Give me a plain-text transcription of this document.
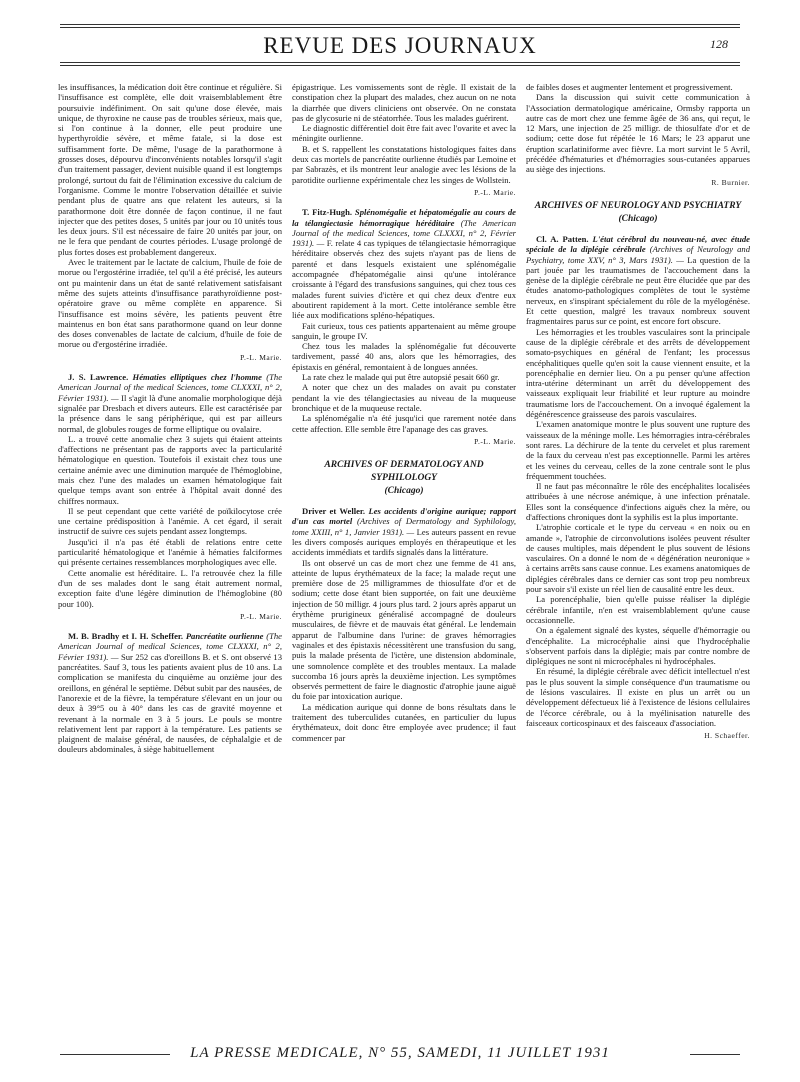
REVUE DES JOURNAUX	128

les insuffisances, la médication doit être continue et régulière. Si l'insuffisance est complète, elle doit vraisemblablement être poursuivie indéfiniment. On sait qu'une dose élevée, mais unique, de thyroxine ne cause pas de troubles sérieux, mais que, si l'on continue à la donner, elle peut produire une hyperthyroïdie sévère, et même fatale, si la dose est suffisamment forte. De même, l'usage de la parathormone à grosses doses, dépourvu d'inconvénients notables lorsqu'il s'agit d'un traitement passager, devient nuisible quand il est longtemps prolongé, surtout du fait de l'élimination excessive du calcium de l'organisme. Comme le montre l'observation détaillée et suivie pendant plus de quatre ans que relatent les auteurs, si la parathormone doit être donnée de façon continue, il ne faut injecter que des petites doses, 5 unités par jour ou 10 unités tous les deux jours. S'il est nécessaire de faire 20 unités par jour, on ne le fera que pendant de courtes périodes. L'usage prolongé de plus fortes doses est probablement dangereux.

Avec le traitement par le lactate de calcium, l'huile de foie de morue ou l'ergostérine irradiée, tel qu'il a été précisé, les auteurs ont pu maintenir dans un état de santé relativement satisfaisant même des sujets atteints d'insuffisance parathyroïdienne post-opératoire grave ou même complète en apparence. Si l'insuffisance est moins sévère, les patients peuvent être maintenus en bon état sans parathormone quand on leur donne des doses convenables de lactate de calcium, d'huile de foie de morue ou d'ergostérine irradiée.

P.-L. Marie.

J. S. Lawrence. Hématies elliptiques chez l'homme (The American Journal of the medical Sciences, tome CLXXXI, n° 2, Février 1931). — Il s'agit là d'une anomalie morphologique déjà signalée par Dresbach et divers auteurs. Elle est caractérisée par la présence dans le sang périphérique, qui est par ailleurs normal, de globules rouges de forme elliptique ou ovalaire.

L. a trouvé cette anomalie chez 3 sujets qui étaient atteints d'affections ne présentant pas de rapports avec la particularité hématologique en question. Toutefois il existait chez tous une certaine anémie avec une diminution marquée de l'hémoglobine, mais chez l'une des malades un examen hématologique fait quelque temps avant son entrée à l'hôpital avait donné des chiffres normaux.

Il se peut cependant que cette variété de poïkilocytose crée une certaine prédisposition à l'anémie. A cet égard, il serait instructif de suivre ces sujets pendant assez longtemps.

Jusqu'ici il n'a pas été établi de relations entre cette particularité hématologique et l'anémie à hématies falciformes qui présente certaines ressemblances morphologiques avec elle.

Cette anomalie est héréditaire. L. l'a retrouvée chez la fille d'un de ses malades dont le sang était autrement normal, exception faite d'une légère diminution de l'hémoglobine (80 pour 100).

P.-L. Marie.

M. B. Bradhy et I. H. Scheffer. Pancréatite ourlienne (The American Journal of medical Sciences, tome CLXXXI, n° 2, Février 1931). — Sur 252 cas d'oreillons B. et S. ont observé 13 pancréatites. Sauf 3, tous les patients avaient plus de 10 ans. La complication se manifesta du cinquième au onzième jour des oreillons, en général le septième. Début subit par des nausées, de l'anorexie et de la fièvre, la température s'élevant en un jour ou deux à 39°5 ou à 40° dans les cas de gravité moyenne et revenant à la normale en 3 à 5 jours. Le pouls se montre relativement lent par rapport à la température. Les patients se plaignent de malaise général, de nausées, de céphalalgie et de douleurs abdominales, à siège habituellement

épigastrique. Les vomissements sont de règle. Il existait de la constipation chez la plupart des malades, chez aucun on ne nota la diarrhée que divers cliniciens ont observée. On ne constata pas de glycosurie ni de stéatorrhée. Tous les malades guérirent.

Le diagnostic différentiel doit être fait avec l'ovarite et avec la méningite ourlienne.

B. et S. rappellent les constatations histologiques faites dans deux cas mortels de pancréatite ourlienne étudiés par Lemoine et par Sabrazès, et ils montrent leur analogie avec les lésions de la parotidite ourlienne expérimentale chez les singes de Wollstein.

P.-L. Marie.

T. Fitz-Hugh. Splénomégalie et hépatomégalie au cours de la télangiectasie hémorragique héréditaire (The American Journal of the medical Sciences, tome CLXXXI, n° 2, Février 1931). — F. relate 4 cas typiques de télangiectasie hémorragique héréditaire observés chez des sujets n'ayant pas de liens de parenté et dans lesquels existaient une splénomégalie accompagnée d'hépatomégalie ainsi qu'une intolérance croissante à l'égard des transfusions sanguines, qui chez tous ces malades furent suivies d'ictère et qui chez deux d'entre eux aboutirent rapidement à la mort. Cette intolérance semble être liée aux modifications spléno-hépatiques.

Fait curieux, tous ces patients appartenaient au même groupe sanguin, le groupe IV.

Chez tous les malades la splénomégalie fut découverte tardivement, passé 40 ans, alors que les hémorragies, des épistaxis en général, remontaient à de longues années.

La rate chez le malade qui put être autopsié pesait 660 gr.

A noter que chez un des malades on avait pu constater pendant la vie des télangiectasies au niveau de la muqueuse bronchique et de la muqueuse rectale.

La splénomégalie n'a été jusqu'ici que rarement notée dans cette affection. Elle semble être l'apanage des cas graves.

P.-L. Marie.
ARCHIVES OF DERMATOLOGY AND SYPHILOLOGY
(Chicago)

Driver et Weller. Les accidents d'origine aurique; rapport d'un cas mortel (Archives of Dermatology and Syphilology, tome XXIII, n° 1, Janvier 1931). — Les auteurs passent en revue les divers composés auriques employés en thérapeutique et les accidents immédiats et tardifs signalés dans la littérature.

Ils ont observé un cas de mort chez une femme de 41 ans, atteinte de lupus érythémateux de la face; la malade reçut une première dose de 25 milligrammes de thiosulfate d'or et de sodium; cette dose étant bien supportée, on fait une deuxième injection de 50 milligr. 4 jours plus tard. 2 jours après apparut un érythème prurigineux généralisé accompagné de douleurs musculaires, de fièvre et de mauvais état général. Le lendemain apparut de l'albumine dans l'urine: de graves hémorragies vaginales et des épistaxis nécessitèrent une transfusion du sang, puis la malade présenta de l'ictère, une distension abdominale, une somnolence complète et des troubles mentaux. La malade succomba 16 jours après la deuxième injection. Les symptômes observés permettent de faire le diagnostic d'atrophie jaune aiguë du foie par intoxication aurique.

La médication aurique qui donne de bons résultats dans le traitement des tuberculides cutanées, en particulier du lupus érythémateux, doit donc être employée avec prudence; il faut commencer par

de faibles doses et augmenter lentement et progressivement.

Dans la discussion qui suivit cette communication à l'Association dermatologique américaine, Ormsby rapporta un autre cas de mort chez une femme âgée de 36 ans, qui reçut, le 12 Mars, une injection de 25 milligr. de thiosulfate d'or et de sodium; cette dose fut répétée le 16 Mars; le 23 apparut une éruption scarlatiniforme avec fièvre. La mort survint le 5 Avril, précédée d'hématuries et d'hémorragies sous-cutanées apparues au siège des injections.

R. Burnier.
ARCHIVES OF NEUROLOGY AND PSYCHIATRY
(Chicago)

Cl. A. Patten. L'état cérébral du nouveau-né, avec étude spéciale de la diplégie cérébrale (Archives of Neurology and Psychiatry, tome XXV, n° 3, Mars 1931). — La question de la part jouée par les traumatismes de l'accouchement dans la genèse de la diplégie cérébrale ne peut être élucidée que par des études anatomo-pathologiques complètes de tout le système nerveux, en s'inspirant spécialement du rôle de la myélogénèse. Et cette question, malgré les travaux nombreux souvent fragmentaires parus sur ce point, est encore fort obscure.

Les hémorragies et les troubles vasculaires sont la principale cause de la diplégie cérébrale et des arrêts de développement somato-psychiques en général de l'enfant; les processus encéphalitiques quelle qu'en soit la cause viennent ensuite, et la porencéphalie en dernier lieu. On a pu penser qu'une affection intra-utérine déterminant un arrêt du développement des vaisseaux expliquait leur friabilité et leur rupture au moindre traumatisme lors de l'accouchement. On a invoqué également la dégénérescence graisseuse des parois vasculaires.

L'examen anatomique montre le plus souvent une rupture des vaisseaux de la méninge molle. Les hémorragies intra-cérébrales sont rares. La déchirure de la tente du cervelet et plus rarement de la faux du cerveau n'est pas exceptionnelle. Parmi les artères et les veines du cerveau, celles de la zone centrale sont le plus fréquemment touchées.

Il ne faut pas méconnaître le rôle des encéphalites localisées attribuées à une nécrose anémique, à une infection prénatale. Elles sont la conséquence d'infections aiguës chez la mère, ou d'affections chroniques dont la syphilis est la plus importante.

L'atrophie corticale et le type du cerveau « en noix ou en amande », l'atrophie de circonvolutions isolées peuvent résulter de causes multiples, mais dépendent le plus souvent de lésions vasculaires. On a donné le nom de « dégénération neuronique » à certains arrêts sans cause connue. Les examens anatomiques de diplégies cérébrales dans ce dernier cas sont trop peu nombreux pour savoir s'il existe un réel lien de causalité entre les deux.

La porencéphalie, bien qu'elle puisse réaliser la diplégie cérébrale infantile, n'en est vraisemblablement qu'une cause occasionnelle.

On a également signalé des kystes, séquelle d'hémorragie ou d'encéphalite. La microcéphalie ainsi que l'hydrocéphalie s'observent parfois dans la diplégie; mais par contre nombre de diplégiques ne sont ni microcéphales ni hydrocéphales.

En résumé, la diplégie cérébrale avec déficit intellectuel n'est pas le plus souvent la simple conséquence d'un traumatisme ou de lésions vasculaires. Il existe en plus un arrêt ou un développement défectueux lié à l'existence de lésions cellulaires de l'écorce cérébrale, ou à la myélinisation naturelle des faisceaux corticospinaux et des faisceaux d'association.

H. Schaeffer.
LA PRESSE MEDICALE, N° 55, SAMEDI, 11 JUILLET 1931
